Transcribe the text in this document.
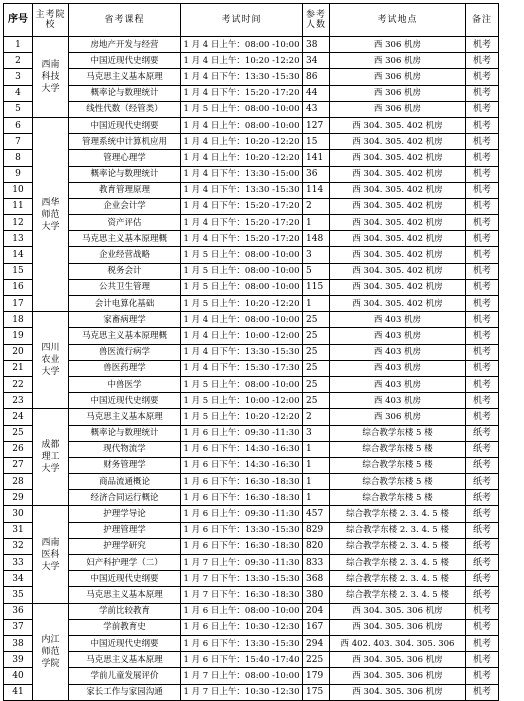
序号	主考院校	省考课程	考试时间	参考人数	考试地点	备注
1	西南科技大学	房地产开发与经营	1 月 4 日上午：08:00 -10:00	38	西 306 机房	机考
2		中国近现代史纲要	1 月 4 日上午：10:20 -12:20	34	西 306 机房	机考
3		马克思主义基本原理	1 月 4 日下午：13:30 -15:30	86	西 306 机房	机考
4		概率论与数理统计	1 月 4 日下午：15:20 -17:20	44	西 306 机房	机考
5		线性代数（经管类）	1 月 5 日上午：08:00 -10:00	43	西 306 机房	机考
6	西华师范大学	中国近现代史纲要	1 月 4 日上午：08:00 -10:00	127	西 304. 305. 402 机房	机考
7		管理系统中计算机应用	1 月 4 日上午：10:20 -12:20	15	西 304. 305. 402 机房	机考
8		管理心理学	1 月 4 日上午：10:20 -12:20	141	西 304. 305. 402 机房	机考
9		概率论与数理统计	1 月 4 日下午：13:30 -15:00	36	西 304. 305. 402 机房	机考
10		教育管理原理	1 月 4 日下午：13:30 -15:30	114	西 304. 305. 402 机房	机考
11		企业会计学	1 月 4 日下午：15:20 -17:20	2	西 304. 305. 402 机房	机考
12		资产评估	1 月 4 日下午：15:20 -17:20	1	西 304. 305. 402 机房	机考
13		马克思主义基本原理概	1 月 4 日下午：15:20 -17:20	148	西 304. 305. 402 机房	机考
14		企业经营战略	1 月 5 日上午：08:00 -10:00	3	西 304. 305. 402 机房	机考
15		税务会计	1 月 5 日上午：08:00 -10:00	5	西 304. 305. 402 机房	机考
16		公共卫生管理	1 月 5 日上午：08:00 -10:00	115	西 304. 305. 402 机房	机考
17		会计电算化基础	1 月 5 日上午：10:20 -12:20	1	西 304. 305. 402 机房	机考
18	四川农业大学	家畜病理学	1 月 4 日上午：08:00 -10:00	25	西 403 机房	机考
19		马克思主义基本原理概	1 月 4 日上午：10:00 -12:00	25	西 403 机房	机考
20		兽医流行病学	1 月 4 日下午：13:30 -15:30	25	西 403 机房	机考
21		兽医药理学	1 月 4 日下午：15:30 -17:30	25	西 403 机房	机考
22		中兽医学	1 月 5 日上午：08:00 -10:00	25	西 403 机房	机考
23		中国近现代史纲要	1 月 5 日上午：10:00 -12:00	25	西 403 机房	机考
24	成都理工大学	马克思主义基本原理	1 月 5 日上午：10:20 -12:20	2	西 306 机房	机考
25		概率论与数理统计	1 月 6 日上午：09:30 -11:30	3	综合教学东楼 5 楼	纸考
26		现代物流学	1 月 6 日下午：14:30 -16:30	1	综合教学东楼 5 楼	纸考
27		财务管理学	1 月 6 日下午：14:30 -16:30	1	综合教学东楼 5 楼	纸考
28		商品流通概论	1 月 6 日下午：16:30 -18:30	1	综合教学东楼 5 楼	纸考
29		经济合同运行概论	1 月 6 日下午：16:30 -18:30	1	综合教学东楼 5 楼	纸考
30	西南医科大学	护理学导论	1 月 6 日上午：09:30 -11:30	457	综合教学东楼 2. 3. 4. 5 楼	纸考
31		护理管理学	1 月 6 日下午：13:30 -15:30	829	综合教学东楼 2. 3. 4. 5 楼	纸考
32		护理学研究	1 月 6 日下午：16:30 -18:30	820	综合教学东楼 2. 3. 4. 5 楼	纸考
33		妇产科护理学（二）	1 月 7 日上午：09:30 -11:30	833	综合教学东楼 2. 3. 4. 5 楼	纸考
34		中国近现代史纲要	1 月 7 日下午：13:30 -15:30	368	综合教学东楼 2. 3. 4. 5 楼	纸考
35		马克思主义基本原理	1 月 7 日下午：16:30 -18:30	380	综合教学东楼 2. 3. 4. 5 楼	纸考
36	内江师范学院	学前比较教育	1 月 6 日上午：08:00 -10:00	204	西 304. 305. 306 机房	机考
37		学前教育史	1 月 6 日上午：10:30 -12:30	167	西 304. 305. 306 机房	机考
38		中国近现代史纲要	1 月 6 日下午：13:30 -15:30	294	西 402. 403. 304. 305. 306	机考
39		马克思主义基本原理	1 月 6 日下午：15:40 -17:40	225	西 304. 305. 306 机房	机考
40		学前儿童发展评价	1 月 7 日上午：08:00 -10:00	179	西 304. 305. 306 机房	机考
41		家长工作与家园沟通	1 月 7 日上午：10:30 -12:30	175	西 304. 305. 306 机房	机考
